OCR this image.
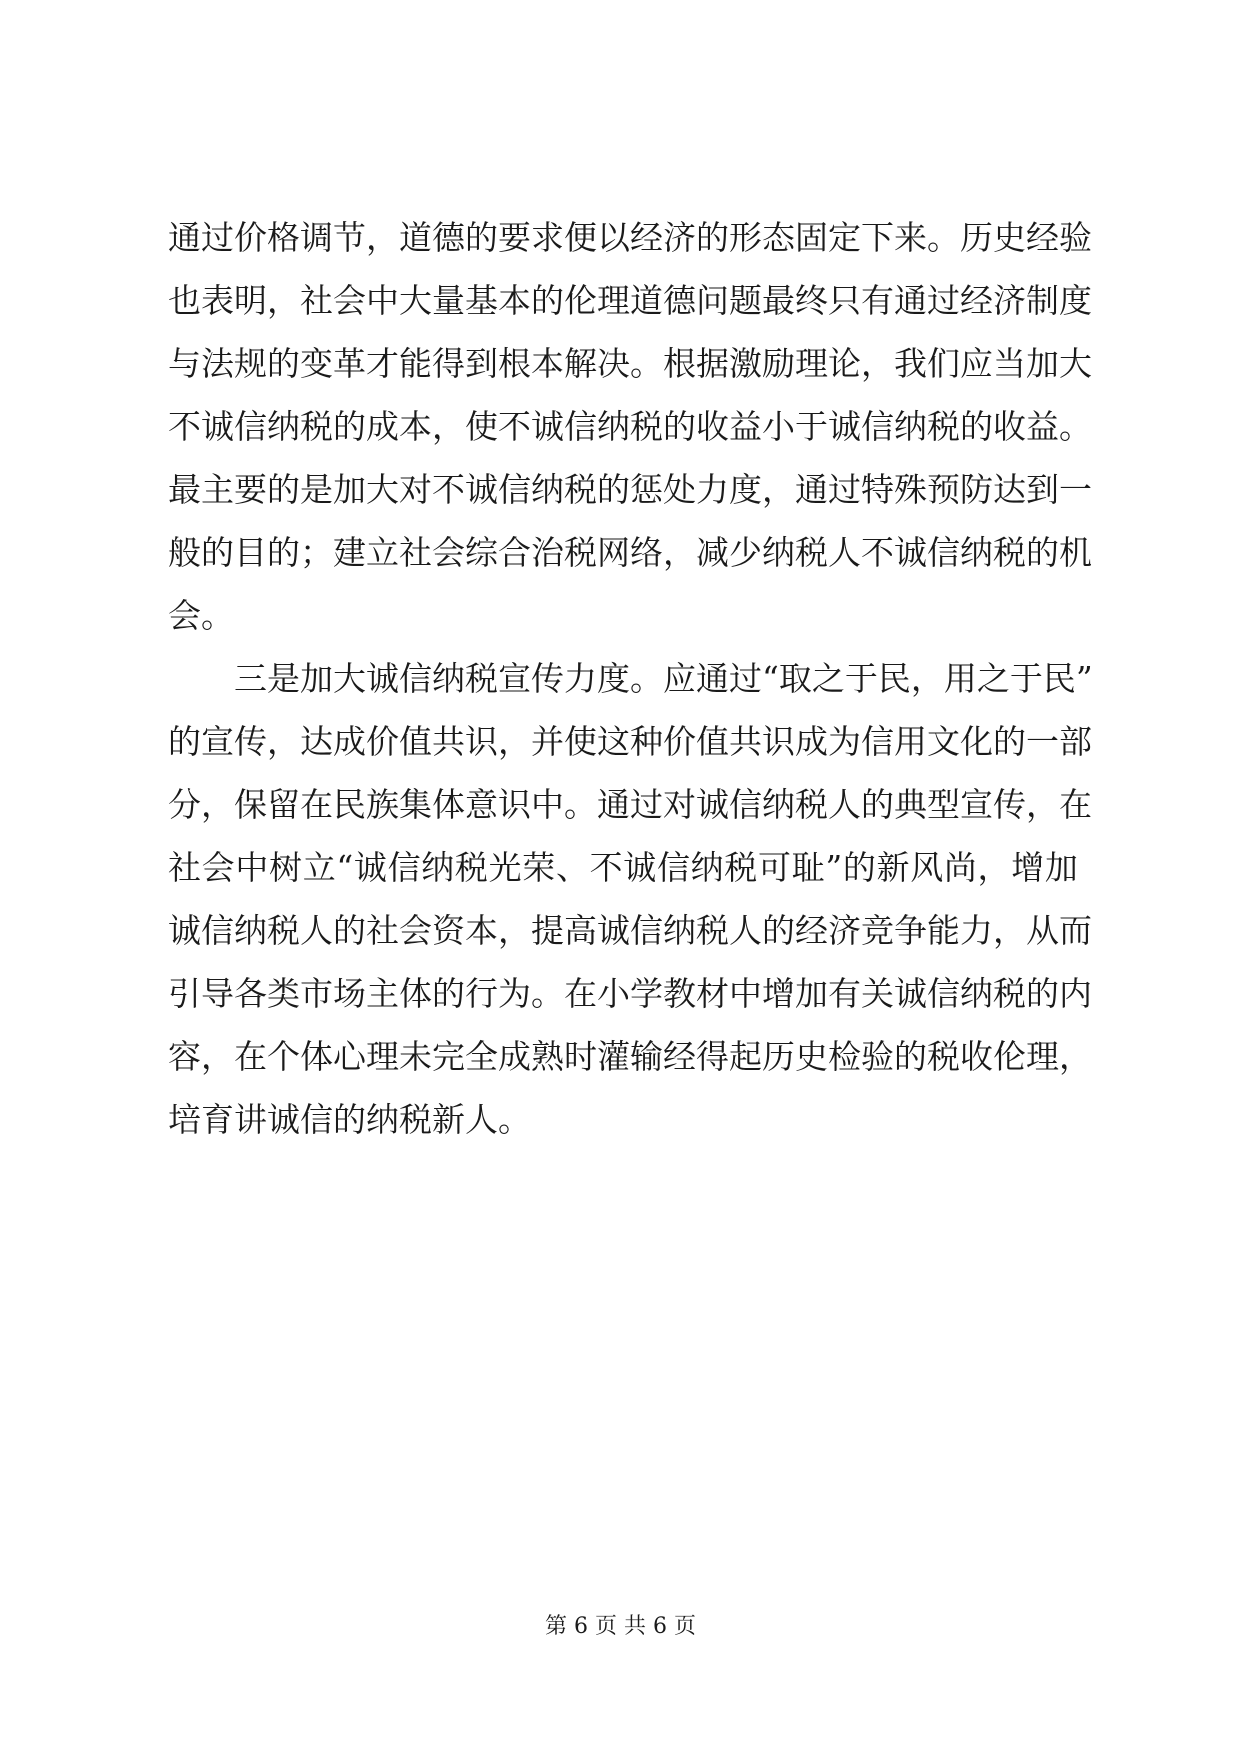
通 过 价 格 调 节 ， 道 德 的 要 求 便 以 经 济 的 形 态 固 定 下 来 。 历 史 经 验
也 表 明 ， 社 会 中 大 量 基 本 的 伦 理 道 德 问 题 最 终 只 有 通 过 经 济 制 度
与 法 规 的 变 革 才 能 得 到 根 本 解 决 。 根 据 激 励 理 论 ， 我 们 应 当 加 大
不 诚 信 纳 税 的 成 本 ， 使 不 诚 信 纳 税 的 收 益 小 于 诚 信 纳 税 的 收 益 。
最 主 要 的 是 加 大 对 不 诚 信 纳 税 的 惩 处 力 度 ， 通 过 特 殊 预 防 达 到 一
般 的 目 的 ； 建 立 社 会 综 合 治 税 网 络 ， 减 少 纳 税 人 不 诚 信 纳 税 的 机
会 。

三 是 加 大 诚 信 纳 税 宣 传 力 度 。 应 通 过 “ 取 之 于 民 ， 用 之 于 民 ”
的 宣 传 ， 达 成 价 值 共 识 ， 并 使 这 种 价 值 共 识 成 为 信 用 文 化 的 一 部
分 ， 保 留 在 民 族 集 体 意 识 中 。 通 过 对 诚 信 纳 税 人 的 典 型 宣 传 ， 在
社 会 中 树 立 “ 诚 信 纳 税 光 荣 、 不 诚 信 纳 税 可 耻 ” 的 新 风 尚 ， 增 加
诚 信 纳 税 人 的 社 会 资 本 ， 提 高 诚 信 纳 税 人 的 经 济 竞 争 能 力 ， 从 而
引 导 各 类 市 场 主 体 的 行 为 。 在 小 学 教 材 中 增 加 有 关 诚 信 纳 税 的 内
容 ， 在 个 体 心 理 未 完 全 成 熟 时 灌 输 经 得 起 历 史 检 验 的 税 收 伦 理 ，
培 育 讲 诚 信 的 纳 税 新 人 。
第 6 页 共 6 页
